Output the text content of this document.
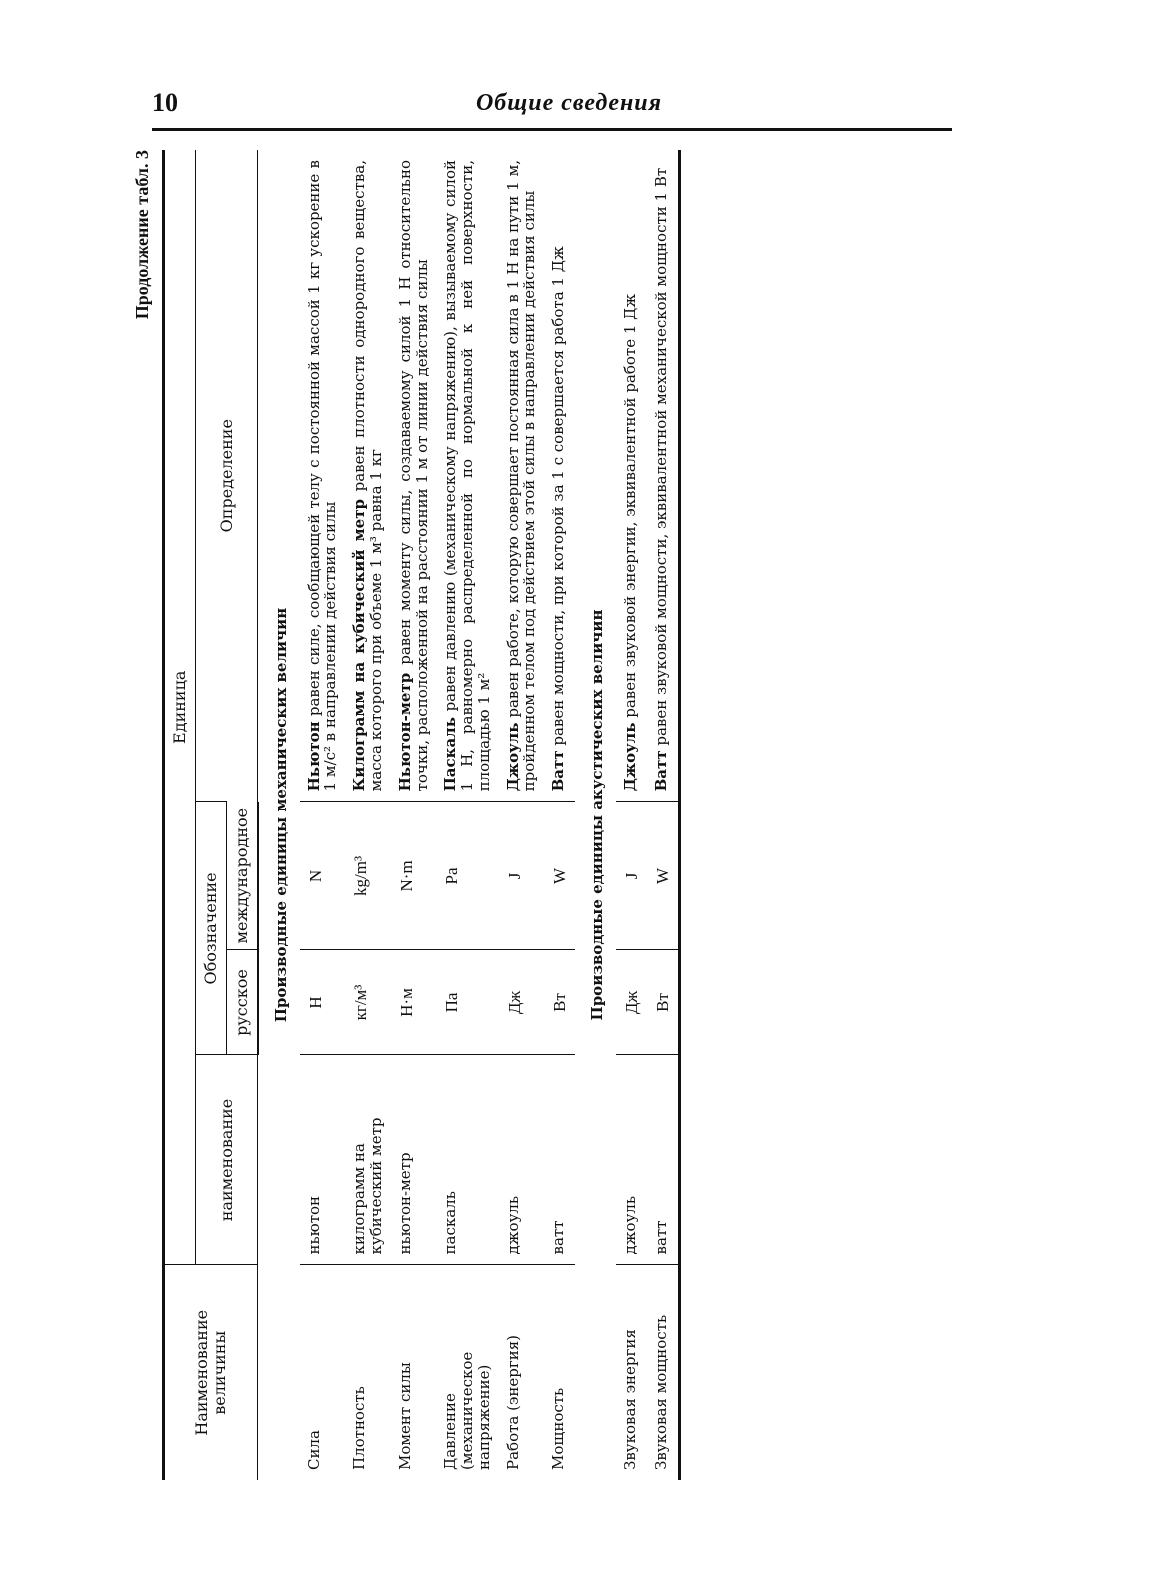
10	Общие сведения
Продолжение табл. 3
Наименование величины	Единица			
	наименование	Обозначение		Определение
		русское	междунaродное	
Производные единицы механических величин				
Сила	ньютон	Н	N	Ньютон равен силе, сообщающей телу с постоянной массой 1 кг ускорение в 1 м/с² в направлении действия силы
Плотность	килограмм на кубический метр	кг/м³	kg/m³	Килограмм на кубический метр равен плотности однородного вещества, масса которого при объеме 1 м³ равна 1 кг
Момент силы	ньютон-метр	Н·м	N·m	Ньютон-метр равен моменту силы, создаваемому силой 1 Н относительно точки, расположенной на расстоянии 1 м от линии действия силы
Давление (механическое напряжение)	паскаль	Па	Pa	Паскаль равен давлению (механическому напряжению), вызываемому силой 1 Н, равномерно распределенной по нормальной к ней поверхности, площадью 1 м²
Работа (энергия)	джоуль	Дж	J	Джоуль равен работе, которую совершает постоянная сила в 1 Н на пути 1 м, пройденном телом под действием этой силы в направлении действия силы
Мощность	ватт	Вт	W	Ватт равен мощности, при которой за 1 с совершается работа 1 Дж
Производные единицы акустических величин				
Звуковая энергия	джоуль	Дж	J	Джоуль равен звуковой энергии, эквивалентной работе 1 Дж
Звуковая мощность	ватт	Вт	W	Ватт равен звуковой мощности, эквивалентной механической мощности 1 Вт
